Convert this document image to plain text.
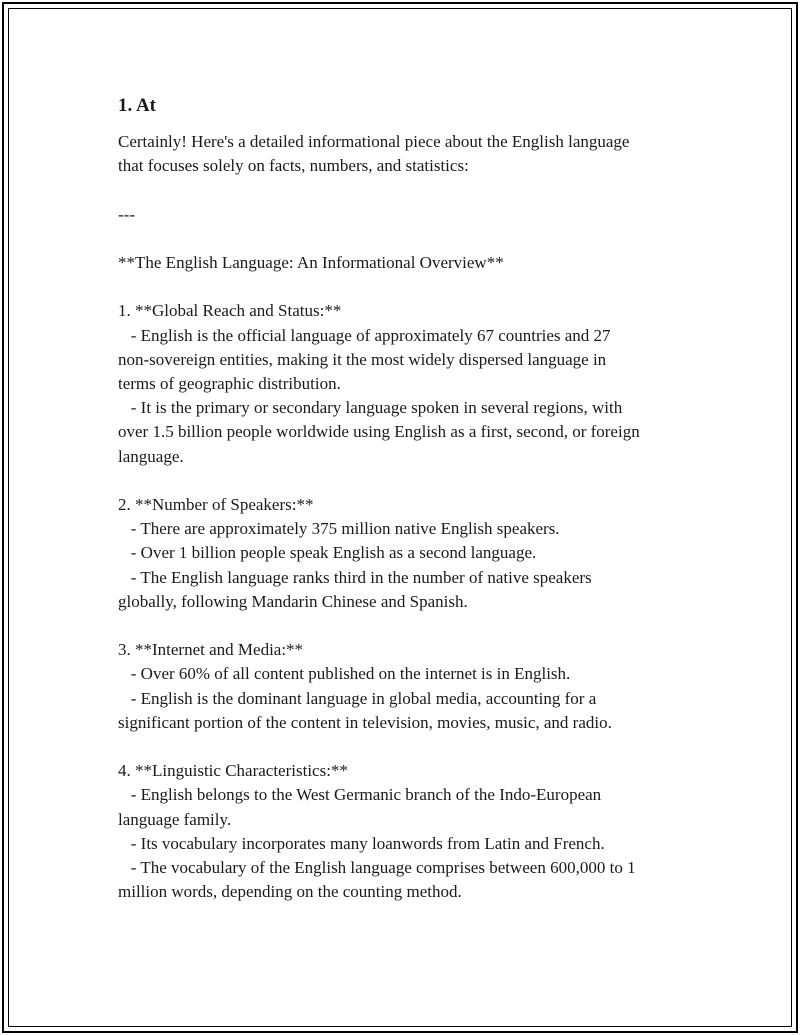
1. At

Certainly! Here's a detailed informational piece about the English language
that focuses solely on facts, numbers, and statistics:

---

**The English Language: An Informational Overview**

1. **Global Reach and Status:**
- English is the official language of approximately 67 countries and 27
non-sovereign entities, making it the most widely dispersed language in
terms of geographic distribution.
- It is the primary or secondary language spoken in several regions, with
over 1.5 billion people worldwide using English as a first, second, or foreign
language.

2. **Number of Speakers:**
- There are approximately 375 million native English speakers.
- Over 1 billion people speak English as a second language.
- The English language ranks third in the number of native speakers
globally, following Mandarin Chinese and Spanish.

3. **Internet and Media:**
- Over 60% of all content published on the internet is in English.
- English is the dominant language in global media, accounting for a
significant portion of the content in television, movies, music, and radio.

4. **Linguistic Characteristics:**
- English belongs to the West Germanic branch of the Indo-European
language family.
- Its vocabulary incorporates many loanwords from Latin and French.
- The vocabulary of the English language comprises between 600,000 to 1
million words, depending on the counting method.
